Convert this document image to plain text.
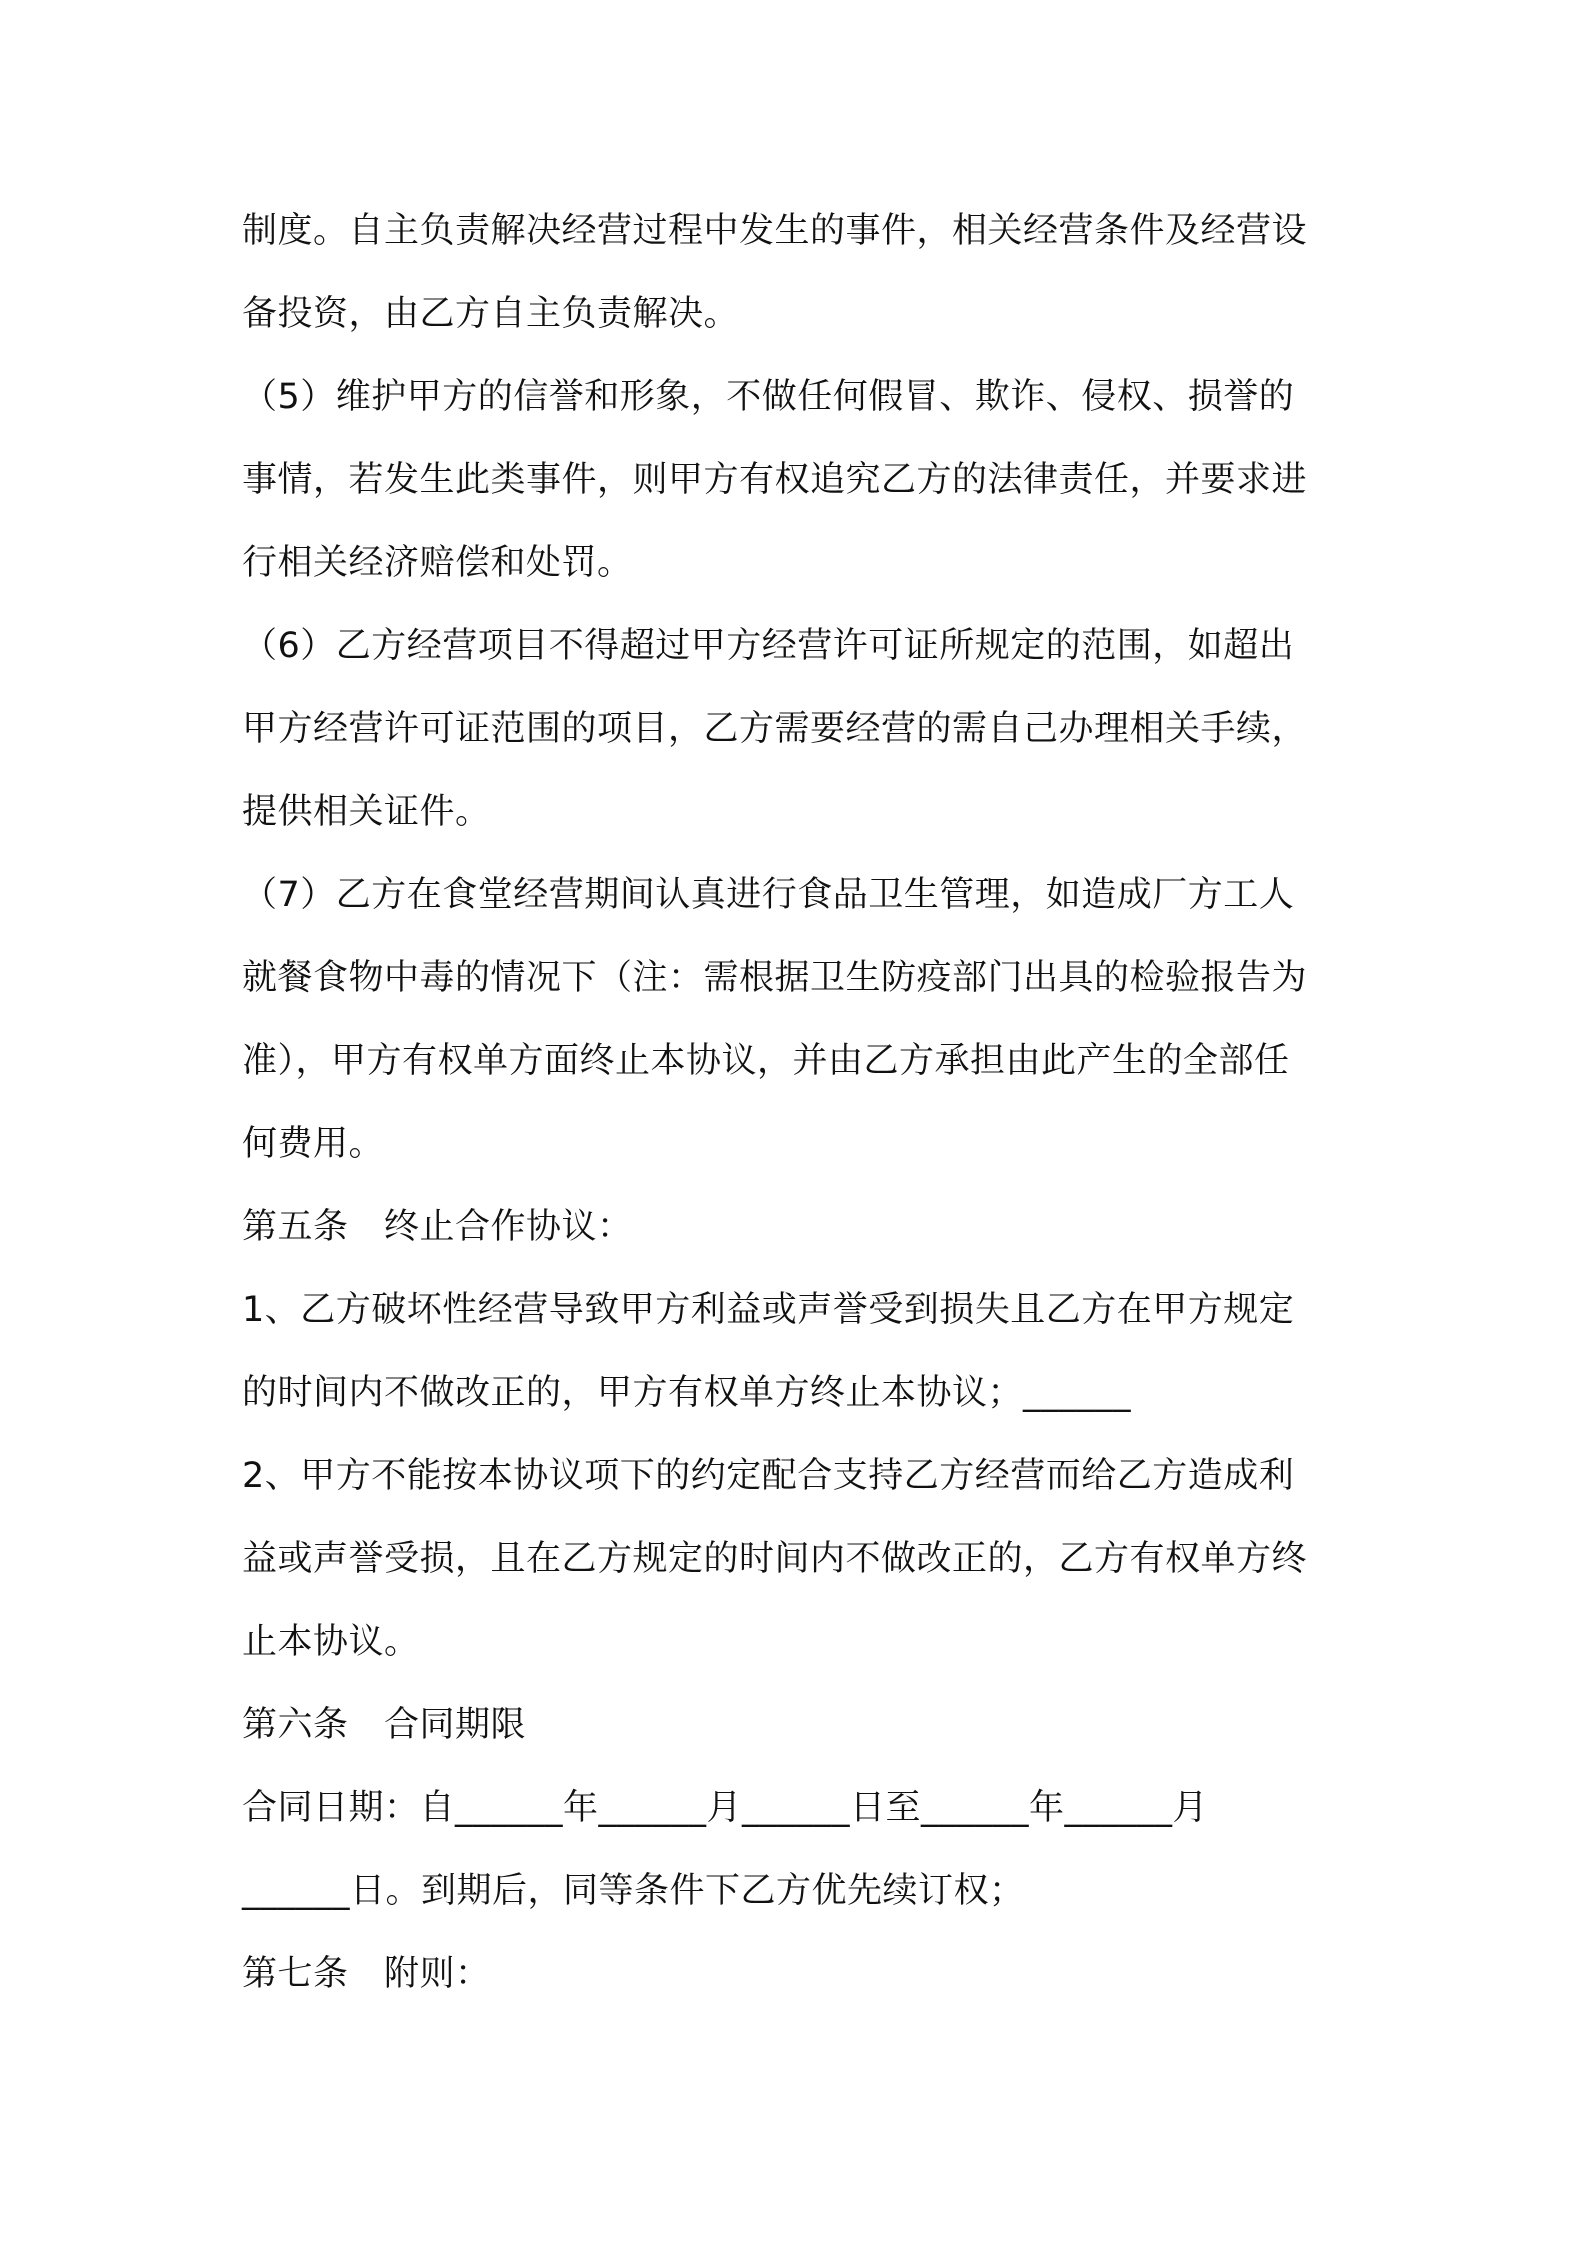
制度。自主负责解决经营过程中发生的事件，相关经营条件及经营设
备投资，由乙方自主负责解决。
（5）维护甲方的信誉和形象，不做任何假冒、欺诈、侵权、损誉的
事情，若发生此类事件，则甲方有权追究乙方的法律责任，并要求进
行相关经济赔偿和处罚。
（6）乙方经营项目不得超过甲方经营许可证所规定的范围，如超出
甲方经营许可证范围的项目，乙方需要经营的需自己办理相关手续，
提供相关证件。
（7）乙方在食堂经营期间认真进行食品卫生管理，如造成厂方工人
就餐食物中毒的情况下（注：需根据卫生防疫部门出具的检验报告为
准），甲方有权单方面终止本协议，并由乙方承担由此产生的全部任
何费用。
第五条　终止合作协议：
1、乙方破坏性经营导致甲方利益或声誉受到损失且乙方在甲方规定
的时间内不做改正的，甲方有权单方终止本协议；______
2、甲方不能按本协议项下的约定配合支持乙方经营而给乙方造成利
益或声誉受损，且在乙方规定的时间内不做改正的，乙方有权单方终
止本协议。
第六条　合同期限
合同日期：自______年______月______日至______年______月
______日。到期后，同等条件下乙方优先续订权；
第七条　附则：
